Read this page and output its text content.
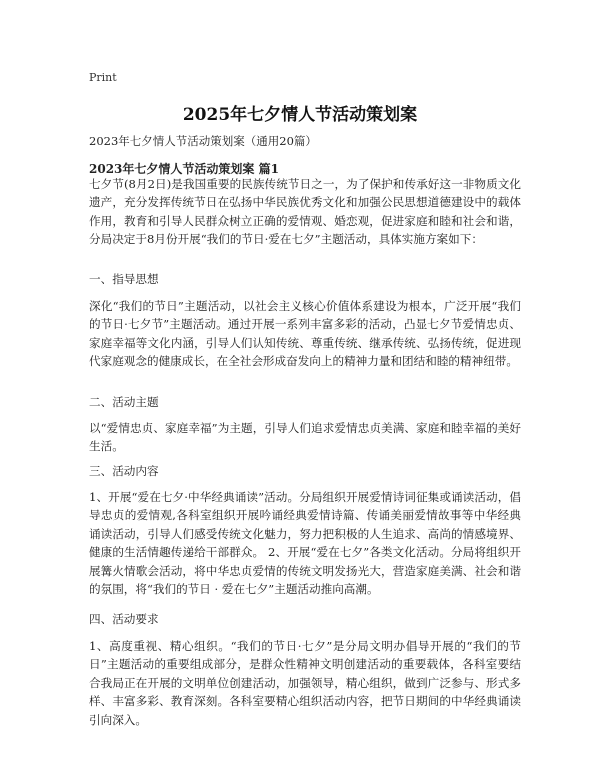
Print
2025年七夕情人节活动策划案
2023年七夕情人节活动策划案（通用20篇）
2023年七夕情人节活动策划案 篇1

七夕节(8月2日)是我国重要的民族传统节日之一，为了保护和传承好这一非物质文化遗产，充分发挥传统节日在弘扬中华民族优秀文化和加强公民思想道德建设中的载体作用，教育和引导人民群众树立正确的爱情观、婚恋观，促进家庭和睦和社会和谐，分局决定于8月份开展“我们的节日·爱在七夕”主题活动，具体实施方案如下：

一、指导思想

深化“我们的节日”主题活动，以社会主义核心价值体系建设为根本，广泛开展“我们的节日·七夕节”主题活动。通过开展一系列丰富多彩的活动，凸显七夕节爱情忠贞、家庭幸福等文化内涵，引导人们认知传统、尊重传统、继承传统、弘扬传统，促进现代家庭观念的健康成长，在全社会形成奋发向上的精神力量和团结和睦的精神纽带。

二、活动主题

以“爱情忠贞、家庭幸福”为主题，引导人们追求爱情忠贞美满、家庭和睦幸福的美好生活。

三、活动内容

1、开展“爱在七夕·中华经典诵读”活动。分局组织开展爱情诗词征集或诵读活动，倡导忠贞的爱情观,各科室组织开展吟诵经典爱情诗篇、传诵美丽爱情故事等中华经典诵读活动，引导人们感受传统文化魅力，努力把积极的人生追求、高尚的情感境界、健康的生活情趣传递给干部群众。 2、开展“爱在七夕”各类文化活动。分局将组织开展篝火情歌会活动，将中华忠贞爱情的传统文明发扬光大，营造家庭美满、社会和谐的氛围，将“我们的节日 · 爱在七夕”主题活动推向高潮。

四、活动要求

1、高度重视、精心组织。“我们的节日·七夕”是分局文明办倡导开展的“我们的节日”主题活动的重要组成部分，是群众性精神文明创建活动的重要载体，各科室要结合我局正在开展的文明单位创建活动，加强领导，精心组织，做到广泛参与、形式多样、丰富多彩、教育深刻。各科室要精心组织活动内容，把节日期间的中华经典诵读引向深入。
